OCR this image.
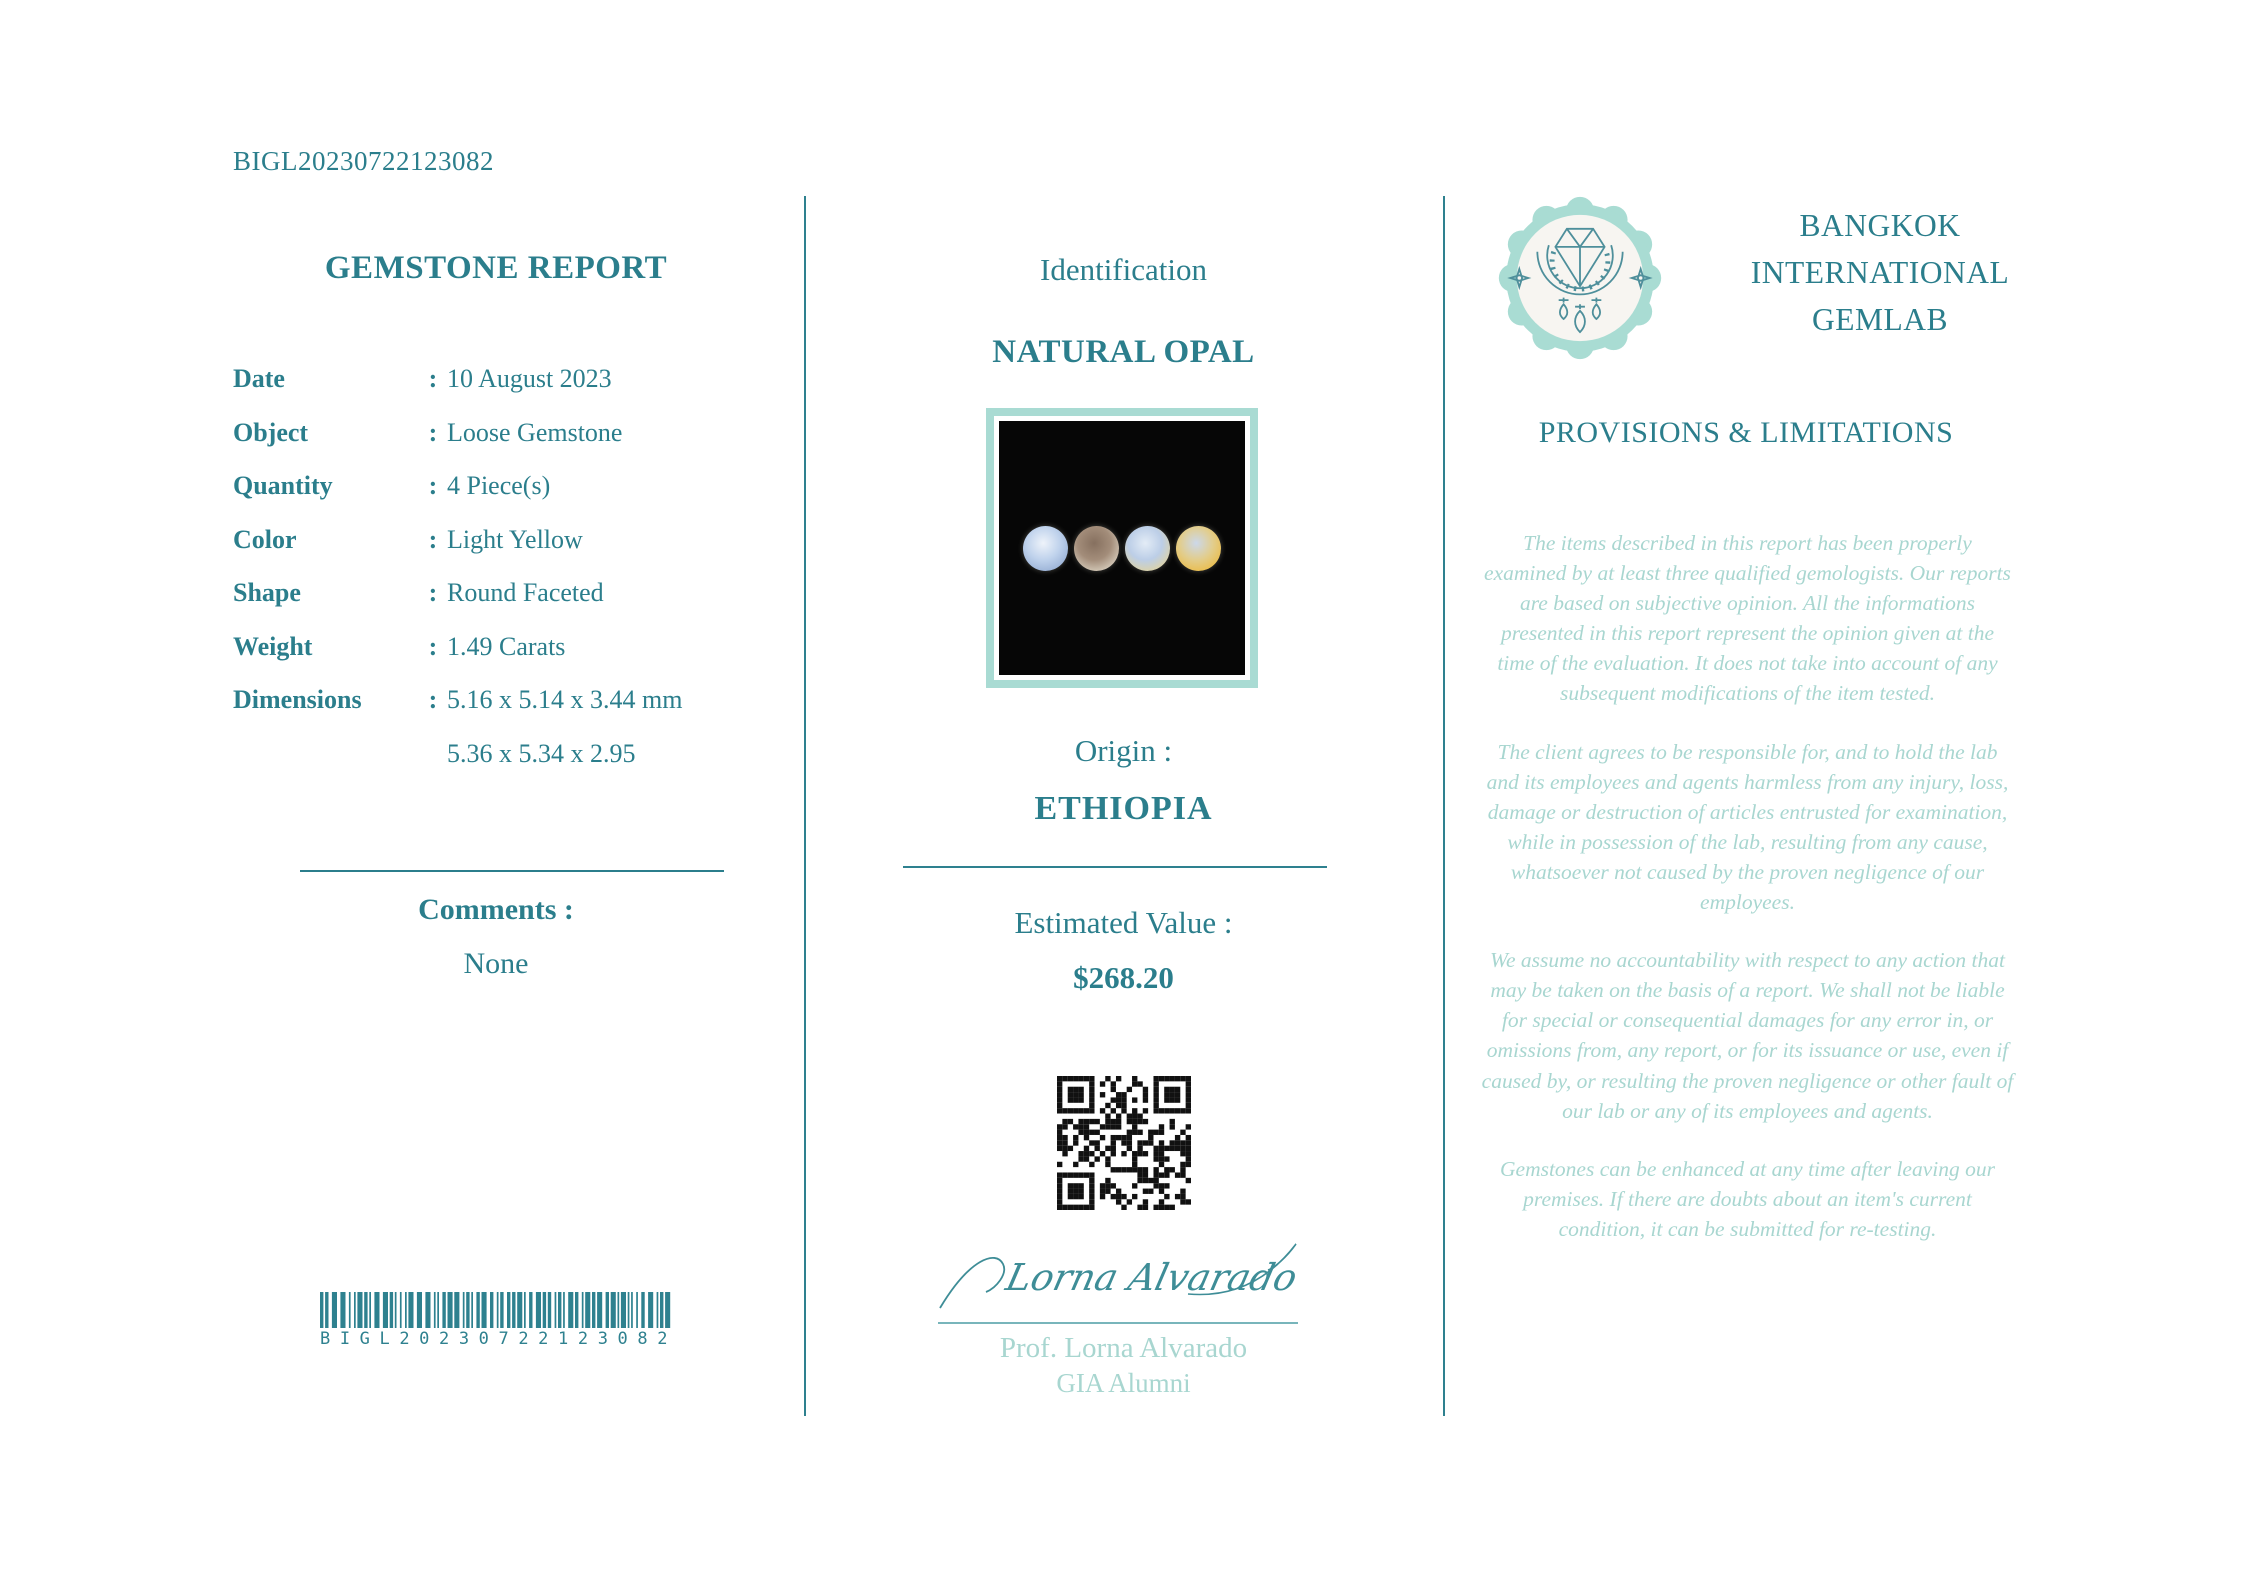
BIGL20230722123082
GEMSTONE REPORT
Date	: 10 August 2023
Object	: Loose Gemstone
Quantity	: 4 Piece(s)
Color	: Light Yellow
Shape	: Round Faceted
Weight	: 1.49 Carats
Dimensions	: 5.16 x 5.14 x 3.44 mm
5.36 x 5.34 x 2.95
Comments :
None
BIGL20230722123082
Identification
NATURAL OPAL
Origin :
ETHIOPIA
Estimated Value :
$268.20
Lorna Alvarado
Prof. Lorna Alvarado
GIA Alumni
BANGKOK
INTERNATIONAL
GEMLAB
PROVISIONS & LIMITATIONS

The items described in this report has been properly examined by at least three qualified gemologists. Our reports are based on subjective opinion. All the informations presented in this report represent the opinion given at the time of the evaluation. It does not take into account of any subsequent modifications of the item tested.

The client agrees to be responsible for, and to hold the lab and its employees and agents harmless from any injury, loss, damage or destruction of articles entrusted for examination, while in possession of the lab, resulting from any cause, whatsoever not caused by the proven negligence of our employees.

We assume no accountability with respect to any action that may be taken on the basis of a report. We shall not be liable for special or consequential damages for any error in, or omissions from, any report, or for its issuance or use, even if caused by, or resulting the proven negligence or other fault of our lab or any of its employees and agents.

Gemstones can be enhanced at any time after leaving our premises. If there are doubts about an item's current condition, it can be submitted for re-testing.
